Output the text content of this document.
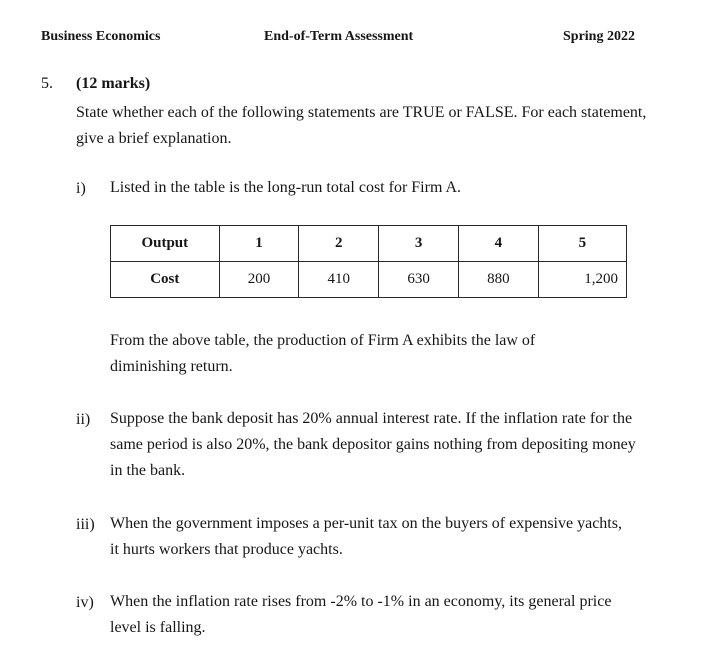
Business Economics	End-of-Term Assessment	Spring 2022
5. (12 marks)
State whether each of the following statements are TRUE or FALSE. For each statement, give a brief explanation.
i) Listed in the table is the long-run total cost for Firm A.
Output	1	2	3	4	5
Cost	200	410	630	880	1,200
From the above table, the production of Firm A exhibits the law of diminishing return.
ii) Suppose the bank deposit has 20% annual interest rate. If the inflation rate for the same period is also 20%, the bank depositor gains nothing from depositing money in the bank.
iii) When the government imposes a per-unit tax on the buyers of expensive yachts, it hurts workers that produce yachts.
iv) When the inflation rate rises from -2% to -1% in an economy, its general price level is falling.
